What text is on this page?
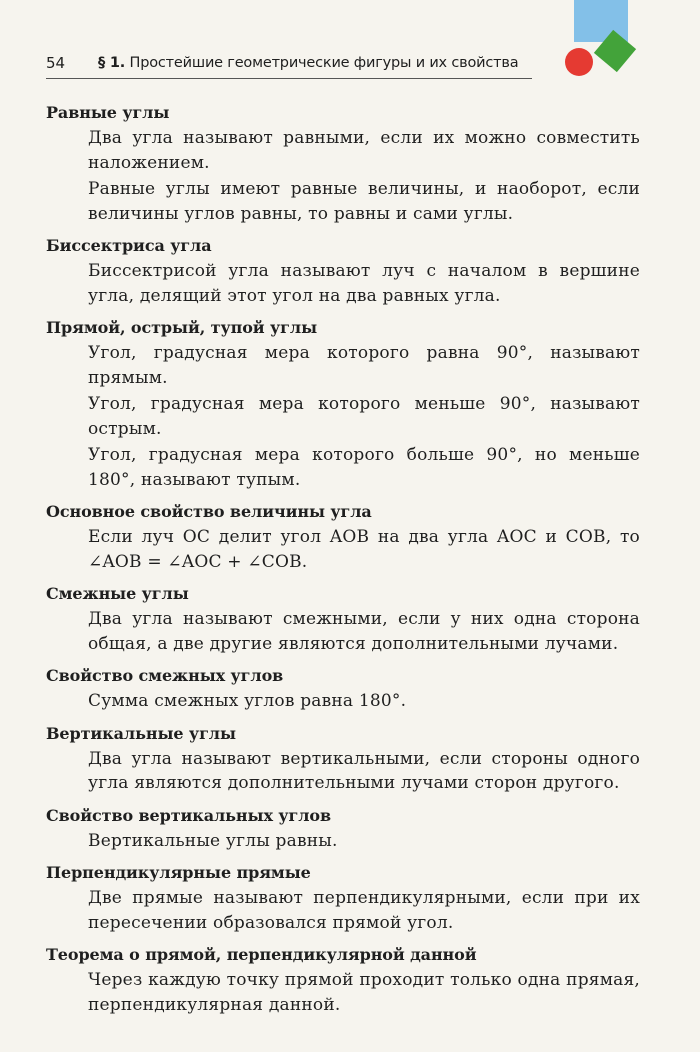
54 § 1. Простейшие геометрические фигуры и их свойства
Равные углы
Два угла называют равными, если их можно совместить наложением.
Равные углы имеют равные величины, и наоборот, если величины углов равны, то равны и сами углы.
Биссектриса угла
Биссектрисой угла называют луч с началом в вершине угла, делящий этот угол на два равных угла.
Прямой, острый, тупой углы
Угол, градусная мера которого равна 90°, называют прямым.
Угол, градусная мера которого меньше 90°, называют острым.
Угол, градусная мера которого больше 90°, но меньше 180°, называют тупым.
Основное свойство величины угла
Если луч OC делит угол AOB на два угла AOC и COB, то ∠AOB = ∠AOC + ∠COB.
Смежные углы
Два угла называют смежными, если у них одна сторона общая, а две другие являются дополнительными лучами.
Свойство смежных углов
Сумма смежных углов равна 180°.
Вертикальные углы
Два угла называют вертикальными, если стороны одного угла являются дополнительными лучами сторон другого.
Свойство вертикальных углов
Вертикальные углы равны.
Перпендикулярные прямые
Две прямые называют перпендикулярными, если при их пересечении образовался прямой угол.
Теорема о прямой, перпендикулярной данной
Через каждую точку прямой проходит только одна прямая, перпендикулярная данной.
